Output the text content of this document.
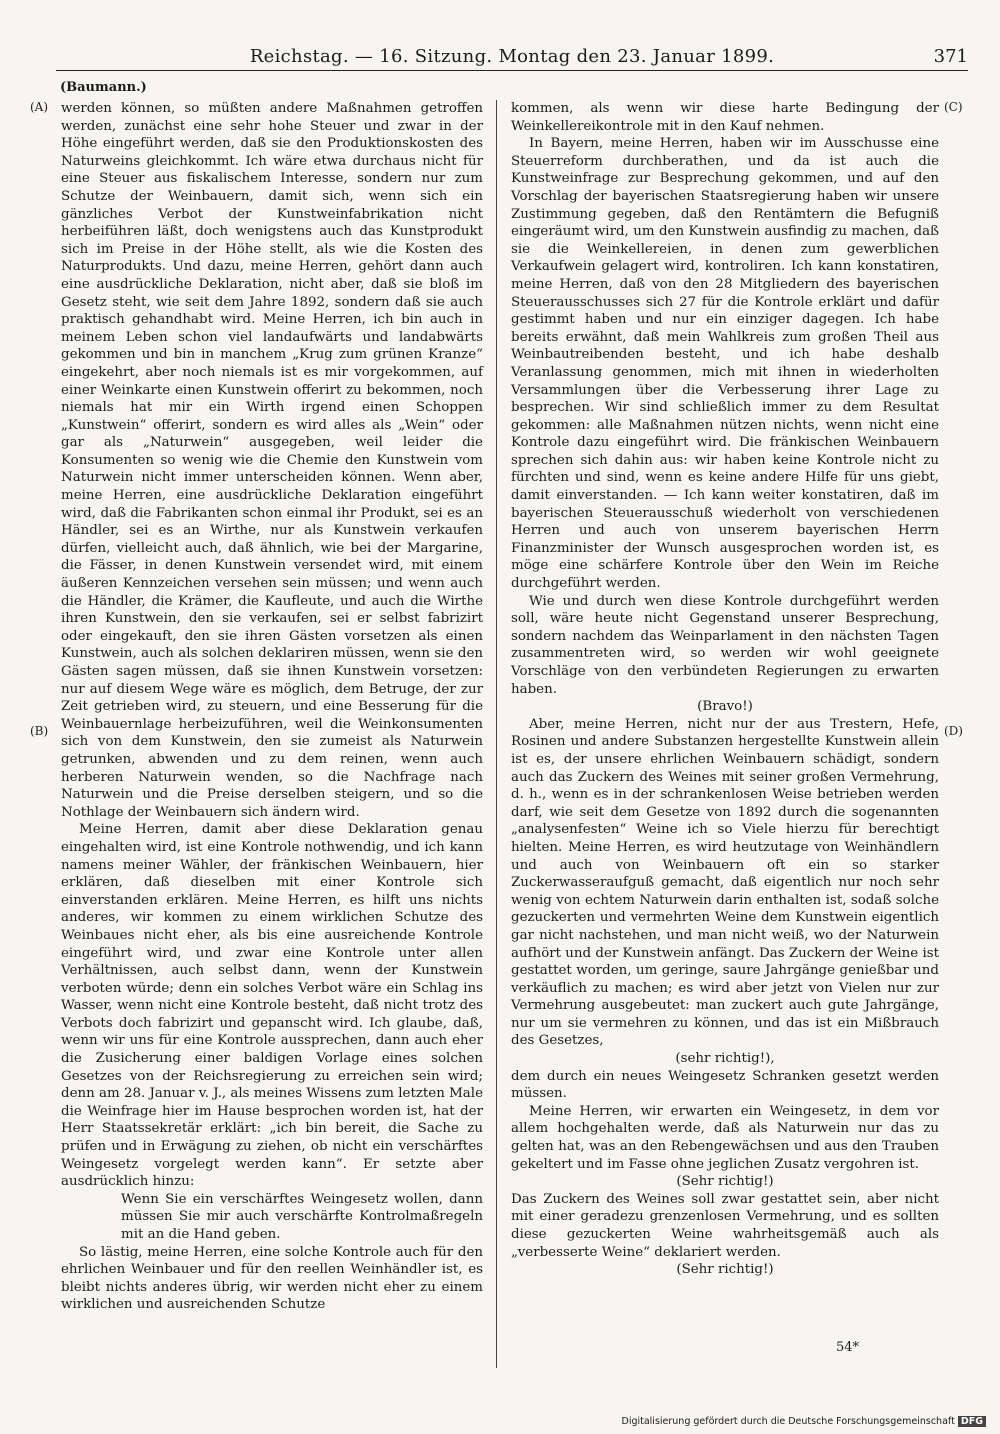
Reichstag. — 16. Sitzung. Montag den 23. Januar 1899.	371
(Baumann.)
(A)
(B)
(C)
(D)

werden können, so müßten andere Maßnahmen getroffen werden, zunächst eine sehr hohe Steuer und zwar in der Höhe eingeführt werden, daß sie den Produktionskosten des Naturweins gleichkommt. Ich wäre etwa durchaus nicht für eine Steuer aus fiskalischem Interesse, sondern nur zum Schutze der Weinbauern, damit sich, wenn sich ein gänzliches Verbot der Kunstweinfabrikation nicht herbeiführen läßt, doch wenigstens auch das Kunstprodukt sich im Preise in der Höhe stellt, als wie die Kosten des Naturprodukts. Und dazu, meine Herren, gehört dann auch eine ausdrückliche Deklaration, nicht aber, daß sie bloß im Gesetz steht, wie seit dem Jahre 1892, sondern daß sie auch praktisch gehandhabt wird. Meine Herren, ich bin auch in meinem Leben schon viel landaufwärts und landabwärts gekommen und bin in manchem „Krug zum grünen Kranze“ eingekehrt, aber noch niemals ist es mir vorgekommen, auf einer Weinkarte einen Kunstwein offerirt zu bekommen, noch niemals hat mir ein Wirth irgend einen Schoppen „Kunstwein“ offerirt, sondern es wird alles als „Wein“ oder gar als „Naturwein“ ausgegeben, weil leider die Konsumenten so wenig wie die Chemie den Kunstwein vom Naturwein nicht immer unterscheiden können. Wenn aber, meine Herren, eine ausdrückliche Deklaration eingeführt wird, daß die Fabrikanten schon einmal ihr Produkt, sei es an Händler, sei es an Wirthe, nur als Kunstwein verkaufen dürfen, vielleicht auch, daß ähnlich, wie bei der Margarine, die Fässer, in denen Kunstwein versendet wird, mit einem äußeren Kennzeichen versehen sein müssen; und wenn auch die Händler, die Krämer, die Kaufleute, und auch die Wirthe ihren Kunstwein, den sie verkaufen, sei er selbst fabrizirt oder eingekauft, den sie ihren Gästen vorsetzen als einen Kunstwein, auch als solchen deklariren müssen, wenn sie den Gästen sagen müssen, daß sie ihnen Kunstwein vorsetzen: nur auf diesem Wege wäre es möglich, dem Betruge, der zur Zeit getrieben wird, zu steuern, und eine Besserung für die Weinbauernlage herbeizuführen, weil die Weinkonsumenten sich von dem Kunstwein, den sie zumeist als Naturwein getrunken, abwenden und zu dem reinen, wenn auch herberen Naturwein wenden, so die Nachfrage nach Naturwein und die Preise derselben steigern, und so die Nothlage der Weinbauern sich ändern wird.

Meine Herren, damit aber diese Deklaration genau eingehalten wird, ist eine Kontrole nothwendig, und ich kann namens meiner Wähler, der fränkischen Weinbauern, hier erklären, daß dieselben mit einer Kontrole sich einverstanden erklären. Meine Herren, es hilft uns nichts anderes, wir kommen zu einem wirklichen Schutze des Weinbaues nicht eher, als bis eine ausreichende Kontrole eingeführt wird, und zwar eine Kontrole unter allen Verhältnissen, auch selbst dann, wenn der Kunstwein verboten würde; denn ein solches Verbot wäre ein Schlag ins Wasser, wenn nicht eine Kontrole besteht, daß nicht trotz des Verbots doch fabrizirt und gepanscht wird. Ich glaube, daß, wenn wir uns für eine Kontrole aussprechen, dann auch eher die Zusicherung einer baldigen Vorlage eines solchen Gesetzes von der Reichsregierung zu erreichen sein wird; denn am 28. Januar v. J., als meines Wissens zum letzten Male die Weinfrage hier im Hause besprochen worden ist, hat der Herr Staatssekretär erklärt: „ich bin bereit, die Sache zu prüfen und in Erwägung zu ziehen, ob nicht ein verschärftes Weingesetz vorgelegt werden kann“. Er setzte aber ausdrücklich hinzu:

Wenn Sie ein verschärftes Weingesetz wollen, dann müssen Sie mir auch verschärfte Kontrolmaßregeln mit an die Hand geben.

So lästig, meine Herren, eine solche Kontrole auch für den ehrlichen Weinbauer und für den reellen Weinhändler ist, es bleibt nichts anderes übrig, wir werden nicht eher zu einem wirklichen und ausreichenden Schutze

kommen, als wenn wir diese harte Bedingung der Weinkellereikontrole mit in den Kauf nehmen.

In Bayern, meine Herren, haben wir im Ausschusse eine Steuerreform durchberathen, und da ist auch die Kunstweinfrage zur Besprechung gekommen, und auf den Vorschlag der bayerischen Staatsregierung haben wir unsere Zustimmung gegeben, daß den Rentämtern die Befugniß eingeräumt wird, um den Kunstwein ausfindig zu machen, daß sie die Weinkellereien, in denen zum gewerblichen Verkaufwein gelagert wird, kontroliren. Ich kann konstatiren, meine Herren, daß von den 28 Mitgliedern des bayerischen Steuerausschusses sich 27 für die Kontrole erklärt und dafür gestimmt haben und nur ein einziger dagegen. Ich habe bereits erwähnt, daß mein Wahlkreis zum großen Theil aus Weinbautreibenden besteht, und ich habe deshalb Veranlassung genommen, mich mit ihnen in wiederholten Versammlungen über die Verbesserung ihrer Lage zu besprechen. Wir sind schließlich immer zu dem Resultat gekommen: alle Maßnahmen nützen nichts, wenn nicht eine Kontrole dazu eingeführt wird. Die fränkischen Weinbauern sprechen sich dahin aus: wir haben keine Kontrole nicht zu fürchten und sind, wenn es keine andere Hilfe für uns giebt, damit einverstanden. — Ich kann weiter konstatiren, daß im bayerischen Steuerausschuß wiederholt von verschiedenen Herren und auch von unserem bayerischen Herrn Finanzminister der Wunsch ausgesprochen worden ist, es möge eine schärfere Kontrole über den Wein im Reiche durchgeführt werden.

Wie und durch wen diese Kontrole durchgeführt werden soll, wäre heute nicht Gegenstand unserer Besprechung, sondern nachdem das Weinparlament in den nächsten Tagen zusammentreten wird, so werden wir wohl geeignete Vorschläge von den verbündeten Regierungen zu erwarten haben.

(Bravo!)

Aber, meine Herren, nicht nur der aus Trestern, Hefe, Rosinen und andere Substanzen hergestellte Kunstwein allein ist es, der unsere ehrlichen Weinbauern schädigt, sondern auch das Zuckern des Weines mit seiner großen Vermehrung, d. h., wenn es in der schrankenlosen Weise betrieben werden darf, wie seit dem Gesetze von 1892 durch die sogenannten „analysenfesten“ Weine ich so Viele hierzu für berechtigt hielten. Meine Herren, es wird heutzutage von Weinhändlern und auch von Weinbauern oft ein so starker Zuckerwasseraufguß gemacht, daß eigentlich nur noch sehr wenig von echtem Naturwein darin enthalten ist, sodaß solche gezuckerten und vermehrten Weine dem Kunstwein eigentlich gar nicht nachstehen, und man nicht weiß, wo der Naturwein aufhört und der Kunstwein anfängt. Das Zuckern der Weine ist gestattet worden, um geringe, saure Jahrgänge genießbar und verkäuflich zu machen; es wird aber jetzt von Vielen nur zur Vermehrung ausgebeutet: man zuckert auch gute Jahrgänge, nur um sie vermehren zu können, und das ist ein Mißbrauch des Gesetzes,

(sehr richtig!),

dem durch ein neues Weingesetz Schranken gesetzt werden müssen.

Meine Herren, wir erwarten ein Weingesetz, in dem vor allem hochgehalten werde, daß als Naturwein nur das zu gelten hat, was an den Rebengewächsen und aus den Trauben gekeltert und im Fasse ohne jeglichen Zusatz vergohren ist.

(Sehr richtig!)

Das Zuckern des Weines soll zwar gestattet sein, aber nicht mit einer geradezu grenzenlosen Vermehrung, und es sollten diese gezuckerten Weine wahrheitsgemäß auch als „verbesserte Weine“ deklariert werden.

(Sehr richtig!)

54*
Digitalisierung gefördert durch die Deutsche Forschungsgemeinschaft DFG
